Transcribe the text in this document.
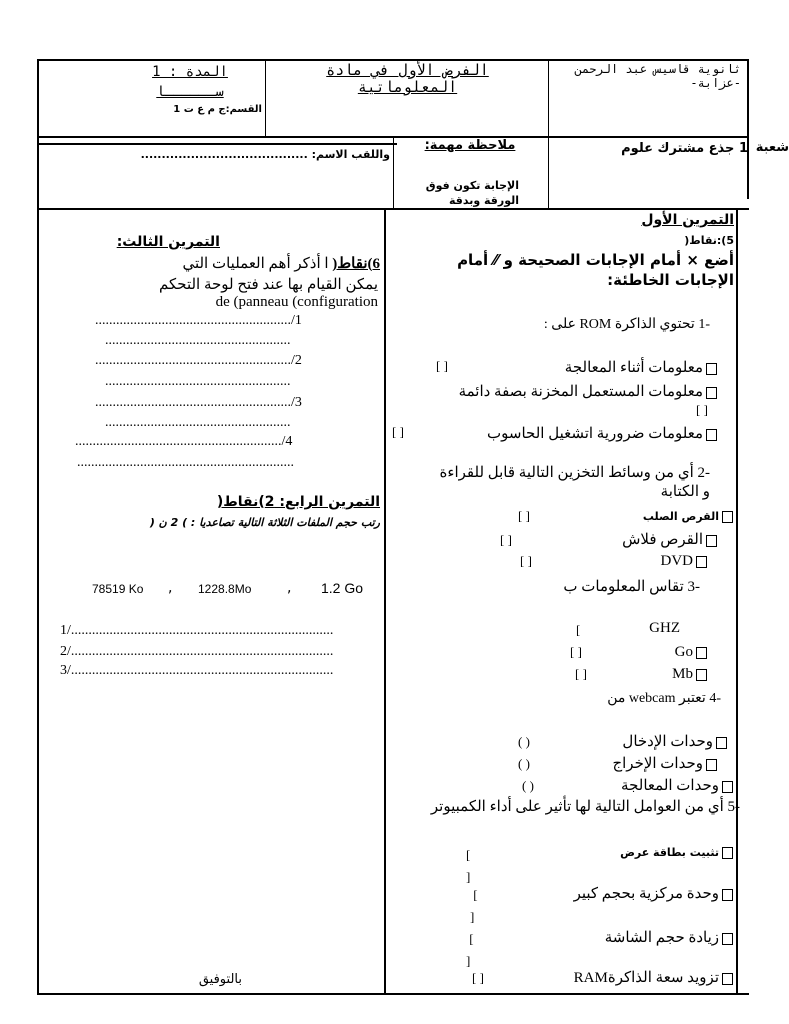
ثانوية قاسيس عبد الرحمن -عزابة-
الفرض الأول في مادة المعلوماتية
المدة : 1 ســــــا
القسم:ج م ع ت 1
1 جذع مشترك علوم شعبة
ملاحظة مهمة:
الإجابة تكون فوق الورقة وبدقة
واللقب الاسم: ........................................
التمرين الأول
5):نقاط(
أضع × أمام الإجابات الصحيحة و ⁄⁄ أمام الإجابات الخاطئة:
-1 تحتوي الذاكرة ROM على :
معلومات أثناء المعالجة
[ ]
معلومات المستعمل المخزنة بصفة دائمة
[ ]
معلومات ضرورية اتشغيل الحاسوب
[ ]
-2 أي من وسائط التخزين التالية قابل للقراءة و الكتابة
القرص الصلب
[ ]
القرص فلاش
[ ]
DVD
[ ]
-3 تقاس المعلومات ب
GHZ
[
Go
[ ]
Mb
[ ]
-4 تعتبر webcam من
وحدات الإدخال
( )
وحدات الإخراج
( )
وحدات المعالجة
( )
-5 أي من العوامل التالية لها تأثير على أداء الكمبيوتر
تثبيت بطاقة عرض
[
]
وحدة مركزية بحجم كبير
[
]
زيادة حجم الشاشة
[
]
تزويد سعة الذاكرةRAM
[ ]
التمرين الثالث:
6)نقاط( ا أذكر أهم العمليات التي
يمكن القيام بها عند فتح لوحة التحكم
de (panneau (configuration
......................................................../1
.....................................................
......................................................../2
.....................................................
......................................................../3
.....................................................
.........................................................../4
..............................................................
التمرين الرابع: 2)نقاط(
رتب حجم الملفات الثلاثة التالية تصاعديا : ) 2 ن (
1.2 Go
,
1228.8Mo
,
78519 Ko
1/...........................................................................
2/...........................................................................
3/...........................................................................
بالتوفيق
